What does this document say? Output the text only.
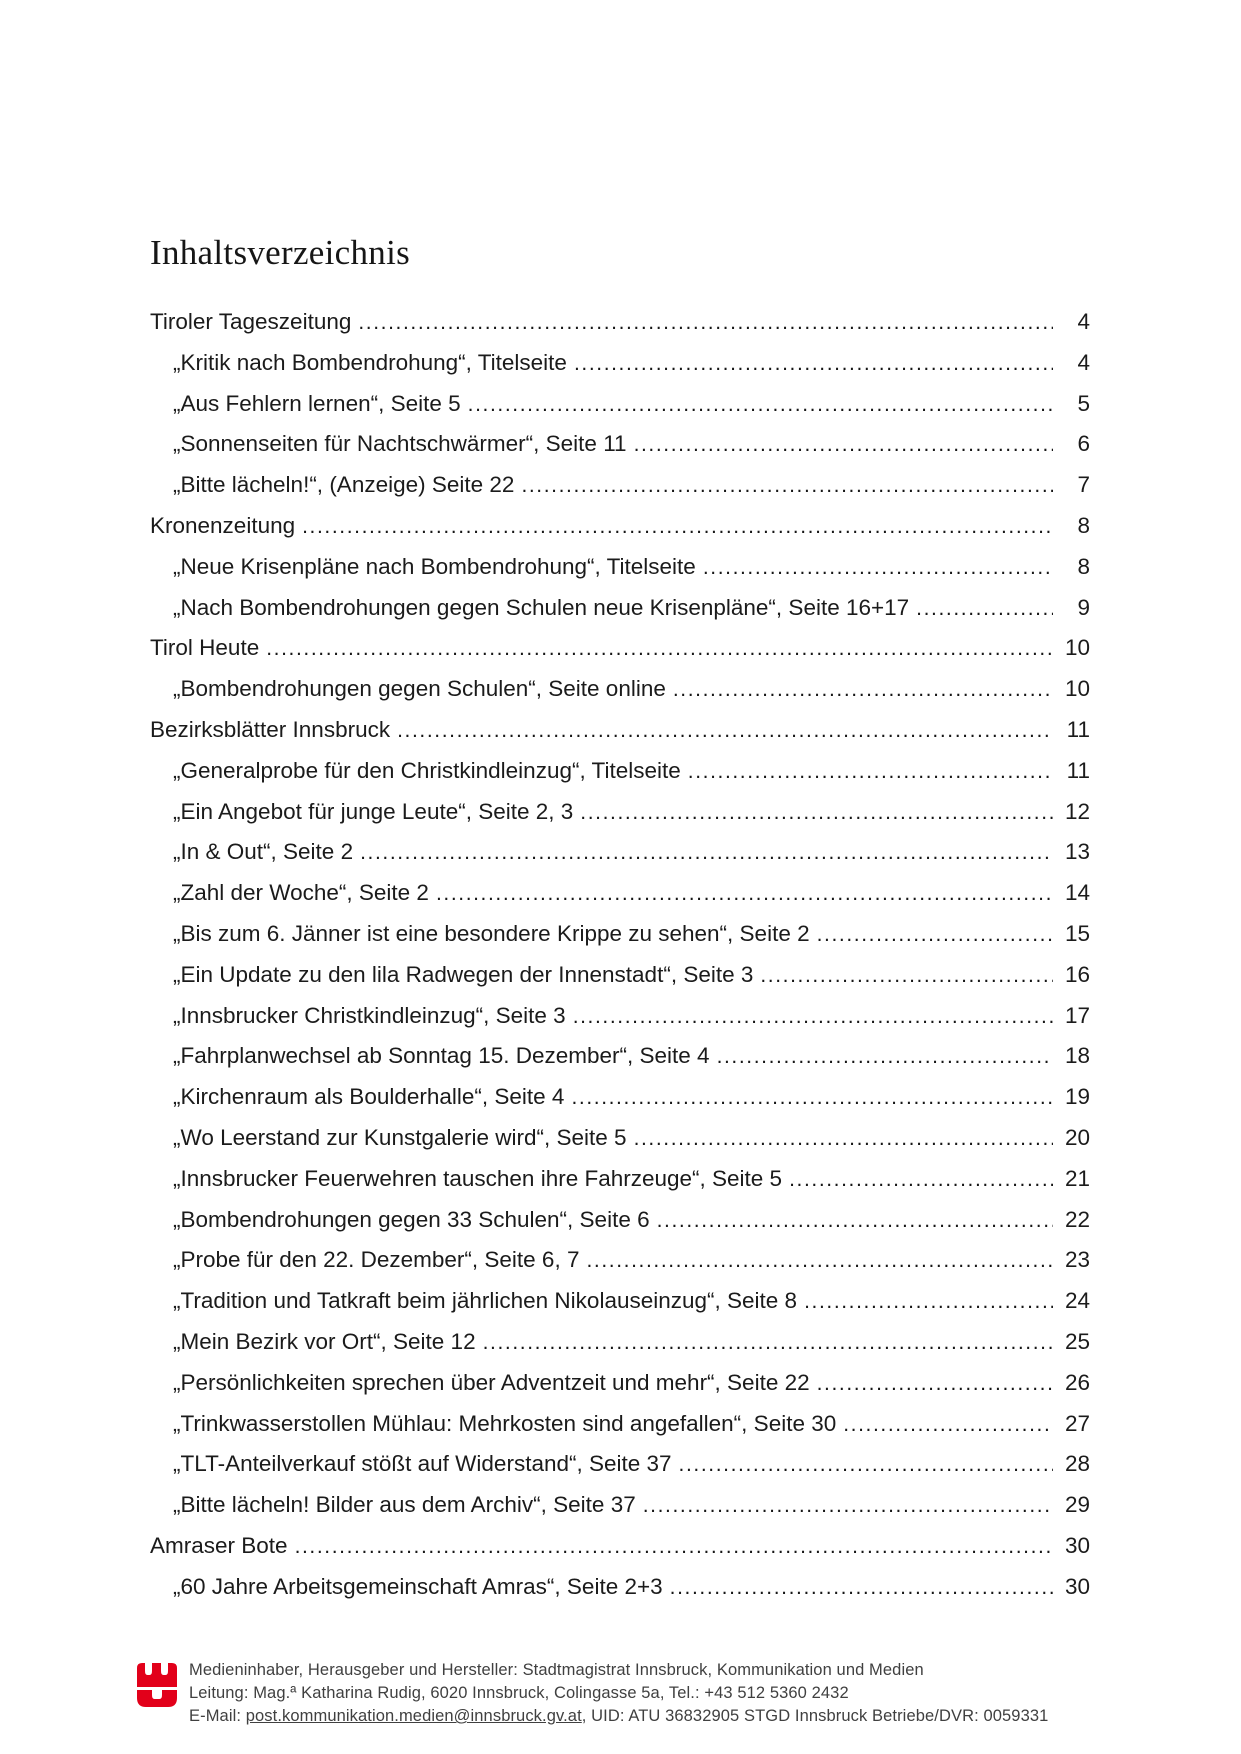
Inhaltsverzeichnis
Tiroler Tageszeitung .....	4
„Kritik nach Bombendrohung“, Titelseite .....	4
„Aus Fehlern lernen“, Seite 5 .....	5
„Sonnenseiten für Nachtschwärmer“, Seite 11 .....	6
„Bitte lächeln!“, (Anzeige) Seite 22 .....	7
Kronenzeitung .....	8
„Neue Krisenpläne nach Bombendrohung“, Titelseite .....	8
„Nach Bombendrohungen gegen Schulen neue Krisenpläne“, Seite 16+17 .....	9
Tirol Heute .....	10
„Bombendrohungen gegen Schulen“, Seite online .....	10
Bezirksblätter Innsbruck .....	11
„Generalprobe für den Christkindleinzug“, Titelseite .....	11
„Ein Angebot für junge Leute“, Seite 2, 3 .....	12
„In & Out“, Seite 2 .....	13
„Zahl der Woche“, Seite 2 .....	14
„Bis zum 6. Jänner ist eine besondere Krippe zu sehen“, Seite 2 .....	15
„Ein Update zu den lila Radwegen der Innenstadt“, Seite 3 .....	16
„Innsbrucker Christkindleinzug“, Seite 3 .....	17
„Fahrplanwechsel ab Sonntag 15. Dezember“, Seite 4 .....	18
„Kirchenraum als Boulderhalle“, Seite 4 .....	19
„Wo Leerstand zur Kunstgalerie wird“, Seite 5 .....	20
„Innsbrucker Feuerwehren tauschen ihre Fahrzeuge“, Seite 5 .....	21
„Bombendrohungen gegen 33 Schulen“, Seite 6 .....	22
„Probe für den 22. Dezember“, Seite 6, 7 .....	23
„Tradition und Tatkraft beim jährlichen Nikolauseinzug“, Seite 8 .....	24
„Mein Bezirk vor Ort“, Seite 12 .....	25
„Persönlichkeiten sprechen über Adventzeit und mehr“, Seite 22 .....	26
„Trinkwasserstollen Mühlau: Mehrkosten sind angefallen“, Seite 30 .....	27
„TLT-Anteilverkauf stößt auf Widerstand“, Seite 37 .....	28
„Bitte lächeln! Bilder aus dem Archiv“, Seite 37 .....	29
Amraser Bote .....	30
„60 Jahre Arbeitsgemeinschaft Amras“, Seite 2+3 .....	30
Medieninhaber, Herausgeber und Hersteller: Stadtmagistrat Innsbruck, Kommunikation und Medien
Leitung: Mag.ª Katharina Rudig, 6020 Innsbruck, Colingasse 5a, Tel.: +43 512 5360 2432
E-Mail: post.kommunikation.medien@innsbruck.gv.at, UID: ATU 36832905 STGD Innsbruck Betriebe/DVR: 0059331
